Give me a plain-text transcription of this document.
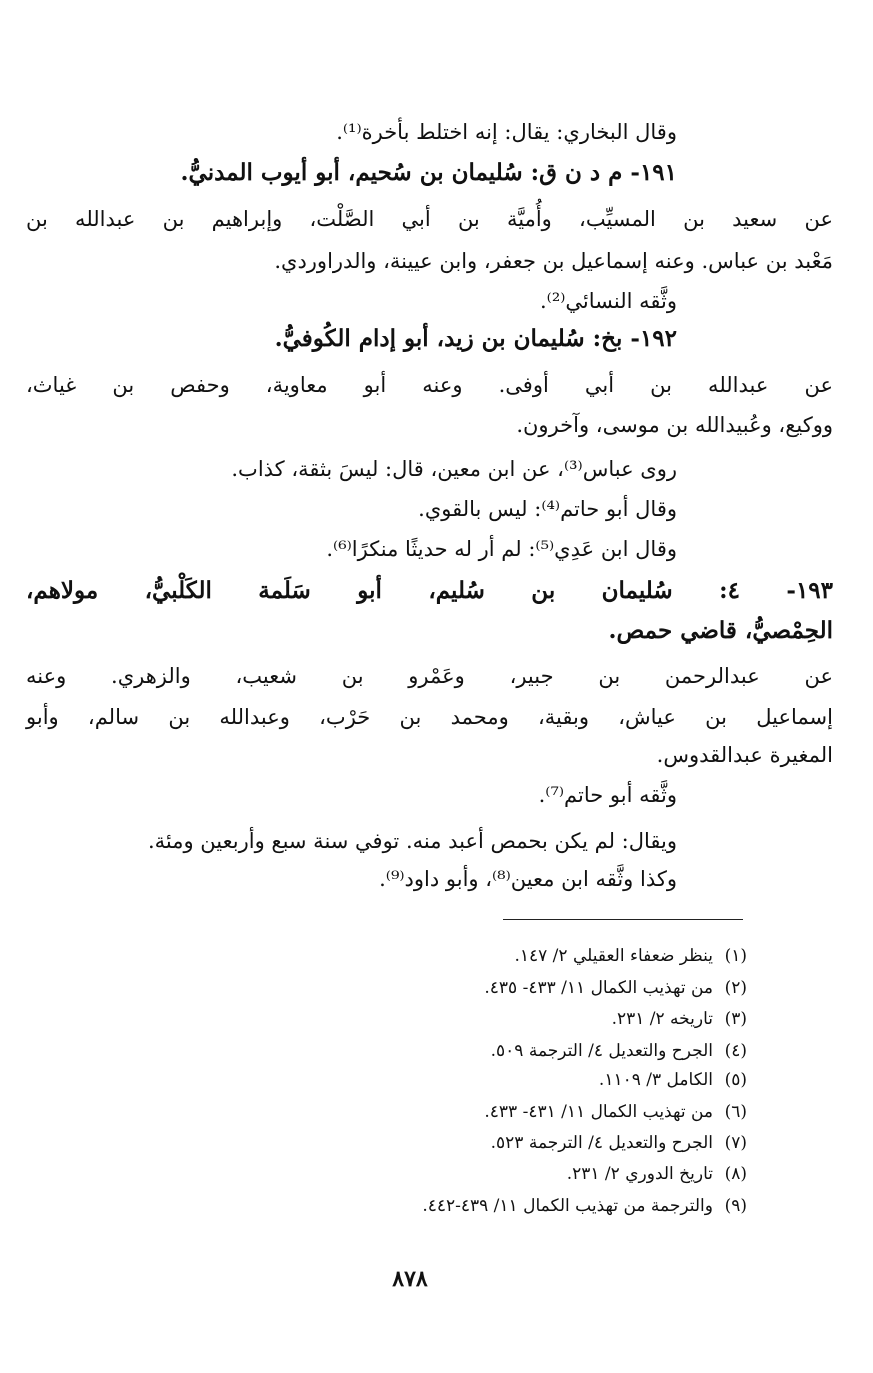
وقال البخاري: يقال: إنه اختلط بأخرة⁽¹⁾.
١٩١- م د ن ق: سُليمان بن سُحيم، أبو أيوب المدنيُّ.
عن سعيد بن المسيِّب، وأُميَّة بن أبي الصَّلْت، وإبراهيم بن عبدالله بن
مَعْبد بن عباس. وعنه إسماعيل بن جعفر، وابن عيينة، والدراوردي.
وثَّقه النسائي⁽²⁾.
١٩٢- بخ: سُليمان بن زيد، أبو إدام الكُوفيُّ.
عن عبدالله بن أبي أوفى. وعنه أبو معاوية، وحفص بن غياث،
ووكيع، وعُبيدالله بن موسى، وآخرون.
روى عباس⁽³⁾، عن ابن معين، قال: ليسَ بثقة، كذاب.
وقال أبو حاتم⁽⁴⁾: ليس بالقوي.
وقال ابن عَدِي⁽⁵⁾: لم أر له حديثًا منكرًا⁽⁶⁾.
١٩٣- ٤: سُليمان بن سُليم، أبو سَلَمة الكَلْبيُّ، مولاهم،
الحِمْصيُّ، قاضي حمص.
عن عبدالرحمن بن جبير، وعَمْرو بن شعيب، والزهري. وعنه
إسماعيل بن عياش، وبقية، ومحمد بن حَرْب، وعبدالله بن سالم، وأبو
المغيرة عبدالقدوس.
وثَّقه أبو حاتم⁽⁷⁾.
ويقال: لم يكن بحمص أعبد منه. توفي سنة سبع وأربعين ومئة.
وكذا وثَّقه ابن معين⁽⁸⁾، وأبو داود⁽⁹⁾.
(١)ينظر ضعفاء العقيلي ٢/ ١٤٧.
(٢)من تهذيب الكمال ١١/ ٤٣٣- ٤٣٥.
(٣)تاريخه ٢/ ٢٣١.
(٤)الجرح والتعديل ٤/ الترجمة ٥٠٩.
(٥)الكامل ٣/ ١١٠٩.
(٦)من تهذيب الكمال ١١/ ٤٣١- ٤٣٣.
(٧)الجرح والتعديل ٤/ الترجمة ٥٢٣.
(٨)تاريخ الدوري ٢/ ٢٣١.
(٩)والترجمة من تهذيب الكمال ١١/ ٤٣٩-٤٤٢.
٨٧٨
